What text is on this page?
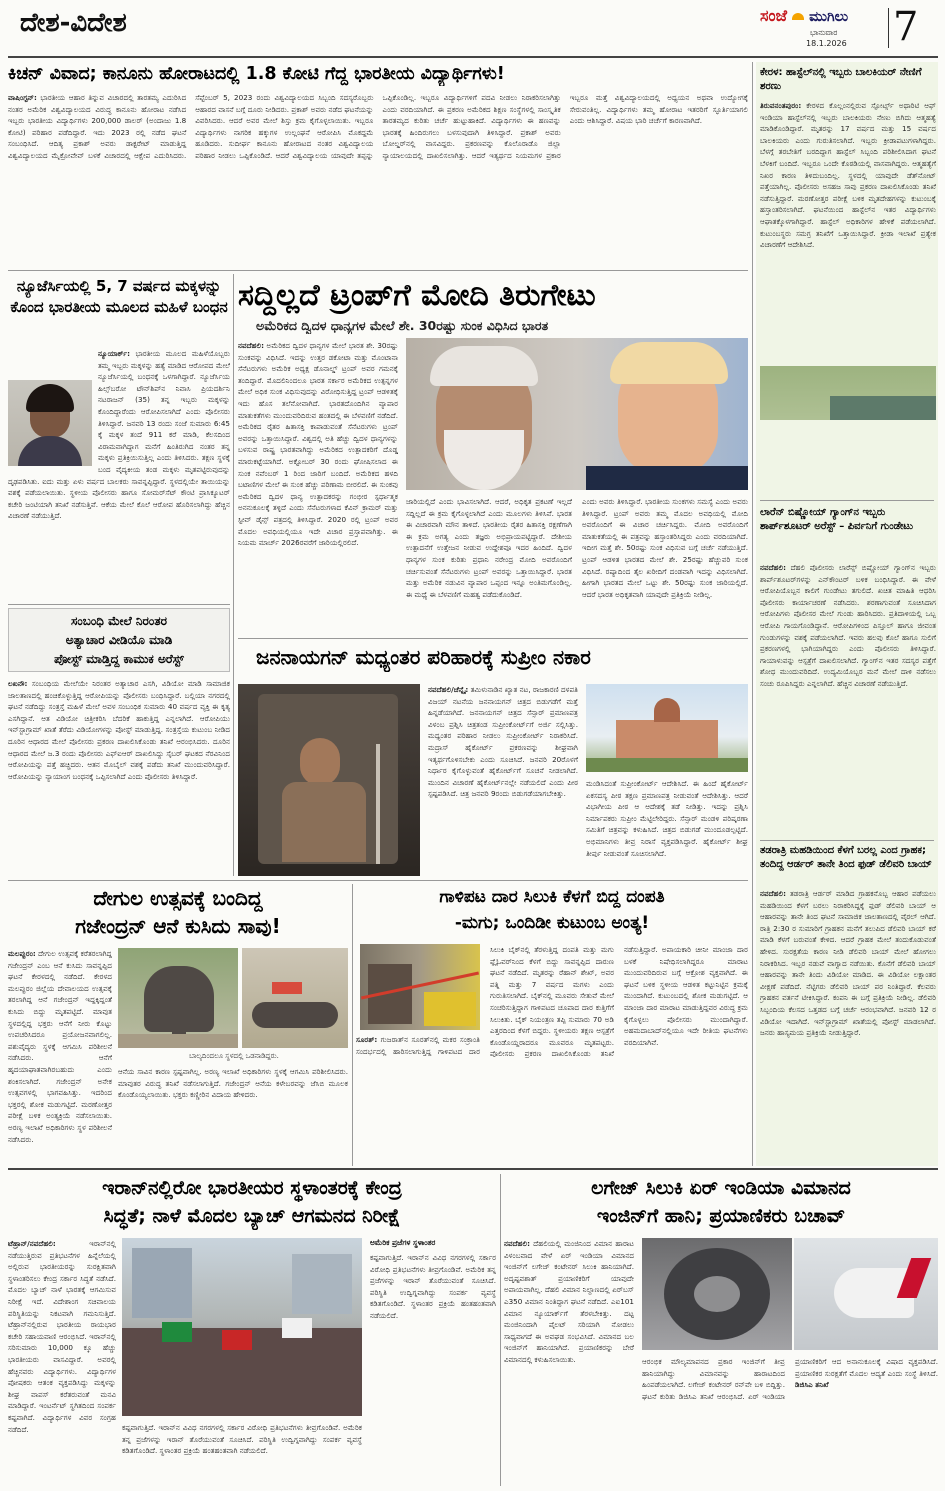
ದೇಶ-ವಿದೇಶ	7
ಸಂಜೆ ಮುಗಿಲು
ಭಾನುವಾರ
18.1.2026
ಕಿಚನ್ ವಿವಾದ; ಕಾನೂನು ಹೋರಾಟದಲ್ಲಿ 1.8 ಕೋಟಿ ಗೆದ್ದ ಭಾರತೀಯ ವಿದ್ಯಾರ್ಥಿಗಳು!
ವಾಷಿಂಗ್ಟನ್: ಭಾರತೀಯ ಆಹಾರ ತಿನ್ನುವ ವಿಚಾರದಲ್ಲಿ ತಾರತಮ್ಯ ಎದುರಿಸಿದ ನಂತರ ಅಮೆರಿಕ ವಿಶ್ವವಿದ್ಯಾಲಯದ ವಿರುದ್ಧ ಕಾನೂನು ಹೋರಾಟ ನಡೆಸಿದ ಇಬ್ಬರು ಭಾರತೀಯ ವಿದ್ಯಾರ್ಥಿಗಳು 200,000 ಡಾಲರ್ (ಅಂದಾಜು 1.8 ಕೋಟಿ) ಪರಿಹಾರ ಪಡೆದಿದ್ದಾರೆ. ಇದು 2023 ರಲ್ಲಿ ನಡೆದ ಘಟನೆ ಸಂಬಂಧಿಸಿದೆ. ಆದಿತ್ಯ ಪ್ರಕಾಶ್ ಅವರು ಡಾಕ್ಟರೇಟ್ ಮಾಡುತ್ತಿದ್ದ ವಿಶ್ವವಿದ್ಯಾಲಯದ ಮೈಕ್ರೋವೇವ್ ಬಳಕೆ ವಿಚಾರದಲ್ಲಿ ಆಕ್ಷೇಪ ಎದುರಿಸಿದರು. ಸೆಪ್ಟೆಂಬರ್ 5, 2023 ರಂದು ವಿಶ್ವವಿದ್ಯಾಲಯದ ಸಿಬ್ಬಂದಿ ಸದಸ್ಯರೊಬ್ಬರು ಆಹಾರದ ವಾಸನೆ ಬಗ್ಗೆ ದೂರು ನೀಡಿದರು. ಪ್ರಕಾಶ್ ಅವರು ನಡೆದ ಘಟನೆಯನ್ನು ವಿವರಿಸಿದರು. ಆದರೆ ಅವರ ಮೇಲೆ ಶಿಸ್ತು ಕ್ರಮ ಕೈಗೊಳ್ಳಲಾಯಿತು. ಇಬ್ಬರೂ ವಿದ್ಯಾರ್ಥಿಗಳು ನಾಗರಿಕ ಹಕ್ಕುಗಳ ಉಲ್ಲಂಘನೆ ಆರೋಪಿಸಿ ಮೊಕದ್ದಮೆ ಹೂಡಿದರು. ಸುದೀರ್ಘ ಕಾನೂನು ಹೋರಾಟದ ನಂತರ ವಿಶ್ವವಿದ್ಯಾಲಯ ಪರಿಹಾರ ನೀಡಲು ಒಪ್ಪಿಕೊಂಡಿದೆ. ಆದರೆ ವಿಶ್ವವಿದ್ಯಾಲಯ ಯಾವುದೇ ತಪ್ಪನ್ನು ಒಪ್ಪಿಕೊಂಡಿಲ್ಲ. ಇಬ್ಬರೂ ವಿದ್ಯಾರ್ಥಿಗಳಿಗೆ ಪದವಿ ನೀಡಲು ನಿರಾಕರಿಸಲಾಗಿತ್ತು ಎಂದು ವರದಿಯಾಗಿದೆ. ಈ ಪ್ರಕರಣ ಅಮೆರಿಕದ ಶಿಕ್ಷಣ ಸಂಸ್ಥೆಗಳಲ್ಲಿ ಸಾಂಸ್ಕೃತಿಕ ತಾರತಮ್ಯದ ಕುರಿತು ಚರ್ಚೆ ಹುಟ್ಟುಹಾಕಿದೆ. ವಿದ್ಯಾರ್ಥಿಗಳು ಈ ಹಣವನ್ನು ಭಾರತಕ್ಕೆ ಹಿಂದಿರುಗಲು ಬಳಸುವುದಾಗಿ ತಿಳಿಸಿದ್ದಾರೆ. ಪ್ರಕಾಶ್ ಅವರು ಬೋಲ್ಡರ್‌ನಲ್ಲಿ ವಾಸವಿದ್ದರು. ಪ್ರಕರಣವನ್ನು ಕೊಲೊರಾಡೊ ಜಿಲ್ಲಾ ನ್ಯಾಯಾಲಯದಲ್ಲಿ ದಾಖಲಿಸಲಾಗಿತ್ತು. ಆದರೆ ಇತ್ಯರ್ಥದ ನಿಯಮಗಳ ಪ್ರಕಾರ ಇಬ್ಬರೂ ಮತ್ತೆ ವಿಶ್ವವಿದ್ಯಾಲಯದಲ್ಲಿ ಅಧ್ಯಯನ ಅಥವಾ ಉದ್ಯೋಗಕ್ಕೆ ಸೇರುವಂತಿಲ್ಲ. ವಿದ್ಯಾರ್ಥಿಗಳು ತಮ್ಮ ಹೋರಾಟ ಇತರರಿಗೆ ಸ್ಫೂರ್ತಿಯಾಗಲಿ ಎಂದು ಆಶಿಸಿದ್ದಾರೆ. ವಿಷಯ ಭಾರಿ ಚರ್ಚೆಗೆ ಕಾರಣವಾಗಿದೆ.
ನ್ಯೂಜೆರ್ಸಿಯಲ್ಲಿ 5, 7 ವರ್ಷದ ಮಕ್ಕಳನ್ನು ಕೊಂದ ಭಾರತೀಯ ಮೂಲದ ಮಹಿಳೆ ಬಂಧನ
ನ್ಯೂಯಾರ್ಕ್: ಭಾರತೀಯ ಮೂಲದ ಮಹಿಳೆಯೊಬ್ಬರು ತಮ್ಮ ಇಬ್ಬರು ಮಕ್ಕಳನ್ನು ಹತ್ಯೆ ಮಾಡಿದ ಆರೋಪದ ಮೇಲೆ ನ್ಯೂಜೆರ್ಸಿಯಲ್ಲಿ ಬಂಧನಕ್ಕೆ ಒಳಗಾಗಿದ್ದಾರೆ. ನ್ಯೂಜೆರ್ಸಿಯ ಹಿಲ್ಸ್‌ಬರೋ ಟೌನ್‌ಶಿಪ್‌ನ ನಿವಾಸಿ ಪ್ರಿಯದರ್ಶಿನಿ ನಟರಾಜನ್ (35) ತನ್ನ ಇಬ್ಬರು ಮಕ್ಕಳನ್ನು ಕೊಂದಿದ್ದಾರೆಂದು ಆರೋಪಿಸಲಾಗಿದೆ ಎಂದು ಪೊಲೀಸರು ತಿಳಿಸಿದ್ದಾರೆ. ಜನವರಿ 13 ರಂದು ಸಂಜೆ ಸುಮಾರು 6:45 ಕ್ಕೆ ಮಕ್ಕಳ ತಂದೆ 911 ಕರೆ ಮಾಡಿ, ಕೆಲಸದಿಂದ ವಿರಾಮವಾಗಿದ್ದಾಗ ಮನೆಗೆ ಹಿಂತಿರುಗಿದ ನಂತರ ತನ್ನ ಮಕ್ಕಳು ಪ್ರತಿಕ್ರಿಯಿಸುತ್ತಿಲ್ಲ ಎಂದು ತಿಳಿಸಿದರು. ತಕ್ಷಣ ಸ್ಥಳಕ್ಕೆ ಬಂದ ವೈದ್ಯಕೀಯ ತಂಡ ಮಕ್ಕಳು ಮೃತಪಟ್ಟಿರುವುದನ್ನು ದೃಢಪಡಿಸಿತು. ಐದು ಮತ್ತು ಏಳು ವರ್ಷದ ಬಾಲಕರು ಸಾವನ್ನಪ್ಪಿದ್ದಾರೆ. ಸ್ಥಳದಲ್ಲಿಯೇ ತಾಯಿಯನ್ನು ವಶಕ್ಕೆ ಪಡೆಯಲಾಯಿತು. ಸ್ಥಳೀಯ ಪೊಲೀಸರು ಹಾಗೂ ಸೋಮರ್‌ಸೆಟ್ ಕೌಂಟಿ ಪ್ರಾಸಿಕ್ಯೂಟರ್ ಕಚೇರಿ ಜಂಟಿಯಾಗಿ ತನಿಖೆ ನಡೆಸುತ್ತಿವೆ. ಆಕೆಯ ಮೇಲೆ ಕೊಲೆ ಆರೋಪ ಹೊರಿಸಲಾಗಿದ್ದು ಹೆಚ್ಚಿನ ವಿಚಾರಣೆ ನಡೆಯುತ್ತಿದೆ.
ಸಂಬಂಧಿ ಮೇಲೆ ನಿರಂತರ
ಅತ್ಯಾಚಾರ ವೀಡಿಯೊ ಮಾಡಿ
ಪೋಸ್ಟ್ ಮಾಡ್ತಿದ್ದ ಕಾಮುಕ ಅರೆಸ್ಟ್
ಲಖನೌ: ಸಂಬಂಧಿಯ ಮೇಲೆಯೇ ನಿರಂತರ ಅತ್ಯಾಚಾರ ಎಸಗಿ, ವಿಡಿಯೋ ಮಾಡಿ ಸಾಮಾಜಿಕ ಜಾಲತಾಣದಲ್ಲಿ ಹಂಚಿಕೊಳ್ಳುತ್ತಿದ್ದ ಆರೋಪಿಯನ್ನು ಪೊಲೀಸರು ಬಂಧಿಸಿದ್ದಾರೆ. ಬಲ್ಲಿಯಾ ನಗರದಲ್ಲಿ ಘಟನೆ ನಡೆದಿದ್ದು ಸಂತ್ರಸ್ತೆ ಮಹಿಳೆ ಮೇಲೆ ಅವಳ ಸಂಬಂಧಿಕ ಸುಮಾರು 40 ವರ್ಷದ ವ್ಯಕ್ತಿ ಈ ಕೃತ್ಯ ಎಸಗಿದ್ದಾನೆ. ಆತ ವಿಡಿಯೋ ಚಿತ್ರೀಕರಿಸಿ ಬೆದರಿಕೆ ಹಾಕುತ್ತಿದ್ದ ಎನ್ನಲಾಗಿದೆ. ಆರೋಪಿಯು ಇನ್‌ಸ್ಟಾಗ್ರಾಮ್ ಖಾತೆ ತೆರೆದು ವಿಡಿಯೋಗಳನ್ನು ಪೋಸ್ಟ್ ಮಾಡುತ್ತಿದ್ದ. ಸಂತ್ರಸ್ತೆಯ ಕುಟುಂಬ ನೀಡಿದ ದೂರಿನ ಆಧಾರದ ಮೇಲೆ ಪೊಲೀಸರು ಪ್ರಕರಣ ದಾಖಲಿಸಿಕೊಂಡು ತನಿಖೆ ಆರಂಭಿಸಿದರು. ದೂರಿನ ಆಧಾರದ ಮೇಲೆ ಜ.3 ರಂದು ಪೊಲೀಸರು ಎಫ್‌ಐಆರ್ ದಾಖಲಿಸಿದ್ದು ಸೈಬರ್ ಘಟಕದ ನೆರವಿನಿಂದ ಆರೋಪಿಯನ್ನು ಪತ್ತೆ ಹಚ್ಚಿದರು. ಆತನ ಮೊಬೈಲ್ ವಶಕ್ಕೆ ಪಡೆದು ತನಿಖೆ ಮುಂದುವರಿಸಿದ್ದಾರೆ. ಆರೋಪಿಯನ್ನು ನ್ಯಾಯಾಂಗ ಬಂಧನಕ್ಕೆ ಒಪ್ಪಿಸಲಾಗಿದೆ ಎಂದು ಪೊಲೀಸರು ತಿಳಿಸಿದ್ದಾರೆ.
ಸದ್ದಿಲ್ಲದೆ ಟ್ರಂಪ್‌ಗೆ ಮೋದಿ ತಿರುಗೇಟು
ಅಮೆರಿಕದ ದ್ವಿದಳ ಧಾನ್ಯಗಳ ಮೇಲೆ ಶೇ. 30ರಷ್ಟು ಸುಂಕ ವಿಧಿಸಿದ ಭಾರತ
ನವದೆಹಲಿ: ಅಮೆರಿಕದ ದ್ವಿದಳ ಧಾನ್ಯಗಳ ಮೇಲೆ ಭಾರತ ಶೇ. 30ರಷ್ಟು ಸುಂಕವನ್ನು ವಿಧಿಸಿದೆ. ಇದನ್ನು ಉತ್ತರ ಡಕೋಟಾ ಮತ್ತು ಮೊಂಟಾನಾ ಸೆನೆಟರುಗಳು ಅಮೆರಿಕ ಅಧ್ಯಕ್ಷ ಡೊನಾಲ್ಡ್ ಟ್ರಂಪ್ ಅವರ ಗಮನಕ್ಕೆ ತಂದಿದ್ದಾರೆ. ಮೊದಲಿನಿಂದಲೂ ಭಾರತ ಸರ್ಕಾರ ಅಮೆರಿಕದ ಉತ್ಪನ್ನಗಳ ಮೇಲೆ ಅಧಿಕ ಸುಂಕ ವಿಧಿಸುವುದನ್ನು ವಿರೋಧಿಸುತ್ತಿದ್ದ ಟ್ರಂಪ್ ಆಡಳಿತಕ್ಕೆ ಇದು ಹೊಸ ತಲೆನೋವಾಗಿದೆ. ಭಾರತದೊಂದಿಗಿನ ವ್ಯಾಪಾರ ಮಾತುಕತೆಗಳು ಮುಂದುವರಿದಿರುವ ಹಂತದಲ್ಲಿ ಈ ಬೆಳವಣಿಗೆ ನಡೆದಿದೆ. ಅಮೆರಿಕದ ರೈತರ ಹಿತಾಸಕ್ತಿ ಕಾಪಾಡುವಂತೆ ಸೆನೆಟರುಗಳು ಟ್ರಂಪ್ ಅವರನ್ನು ಒತ್ತಾಯಿಸಿದ್ದಾರೆ. ವಿಶ್ವದಲ್ಲಿ ಅತಿ ಹೆಚ್ಚು ದ್ವಿದಳ ಧಾನ್ಯಗಳನ್ನು ಬಳಸುವ ರಾಷ್ಟ್ರ ಭಾರತವಾಗಿದ್ದು ಅಮೆರಿಕದ ಉತ್ಪಾದಕರಿಗೆ ದೊಡ್ಡ ಮಾರುಕಟ್ಟೆಯಾಗಿದೆ. ಅಕ್ಟೋಬರ್ 30 ರಂದು ಘೋಷಿಸಲಾದ ಈ ಸುಂಕ ನವೆಂಬರ್ 1 ರಿಂದ ಜಾರಿಗೆ ಬಂದಿದೆ. ಅಮೆರಿಕದ ಹಳದಿ ಬಟಾಣಿಗಳ ಮೇಲೆ ಈ ಸುಂಕ ಹೆಚ್ಚು ಪರಿಣಾಮ ಬೀರಲಿದೆ. ಈ ಸುಂಕವು ಅಮೆರಿಕದ ದ್ವಿದಳ ಧಾನ್ಯ ಉತ್ಪಾದಕರನ್ನು ಗಂಭೀರ ಸ್ಪರ್ಧಾತ್ಮಕ ಅನನುಕೂಲಕ್ಕೆ ತಳ್ಳಿದೆ ಎಂದು ಸೆನೆಟರುಗಳಾದ ಕೆವಿನ್ ಕ್ರಾಮರ್ ಮತ್ತು ಸ್ಟೀವ್ ಡೈನ್ಸ್ ಪತ್ರದಲ್ಲಿ ತಿಳಿಸಿದ್ದಾರೆ. 2020 ರಲ್ಲಿ ಟ್ರಂಪ್ ಅವರ ಮೊದಲ ಅವಧಿಯಲ್ಲಿಯೂ ಇದೇ ವಿಚಾರ ಪ್ರಸ್ತಾಪವಾಗಿತ್ತು. ಈ ನಿಯಮ ಮಾರ್ಚ್ 2026ರವರೆಗೆ ಜಾರಿಯಲ್ಲಿರಲಿದೆ.
ಜಾರಿಯಲ್ಲಿದೆ ಎಂದು ಭಾವಿಸಲಾಗಿದೆ. ಆದರೆ, ಅಧಿಕೃತ ಪ್ರಕಟಣೆ ಇಲ್ಲದೆ ಸದ್ದಿಲ್ಲದೆ ಈ ಕ್ರಮ ಕೈಗೊಳ್ಳಲಾಗಿದೆ ಎಂದು ಮೂಲಗಳು ತಿಳಿಸಿವೆ. ಭಾರತ ಈ ವಿಚಾರವಾಗಿ ಮೌನ ತಾಳಿದೆ. ಭಾರತೀಯ ರೈತರ ಹಿತಾಸಕ್ತಿ ರಕ್ಷಣೆಗಾಗಿ ಈ ಕ್ರಮ ಅಗತ್ಯ ಎಂದು ತಜ್ಞರು ಅಭಿಪ್ರಾಯಪಟ್ಟಿದ್ದಾರೆ. ದೇಶೀಯ ಉತ್ಪಾದನೆಗೆ ಉತ್ತೇಜನ ನೀಡುವ ಉದ್ದೇಶವೂ ಇದರ ಹಿಂದಿದೆ. ದ್ವಿದಳ ಧಾನ್ಯಗಳ ಸುಂಕ ಕುರಿತು ಪ್ರಧಾನಿ ನರೇಂದ್ರ ಮೋದಿ ಅವರೊಂದಿಗೆ ಚರ್ಚಿಸುವಂತೆ ಸೆನೆಟರುಗಳು ಟ್ರಂಪ್ ಅವರನ್ನು ಒತ್ತಾಯಿಸಿದ್ದಾರೆ. ಭಾರತ ಮತ್ತು ಅಮೆರಿಕ ನಡುವಿನ ವ್ಯಾಪಾರ ಒಪ್ಪಂದ ಇನ್ನೂ ಅಂತಿಮಗೊಂಡಿಲ್ಲ. ಈ ಮಧ್ಯೆ ಈ ಬೆಳವಣಿಗೆ ಮಹತ್ವ ಪಡೆದುಕೊಂಡಿದೆ.
ಎಂದು ಅವರು ತಿಳಿಸಿದ್ದಾರೆ. ಭಾರತೀಯ ಸುಂಕಗಳು ಸಮಸ್ಯೆ ಎಂದು ಅವರು ತಿಳಿಸಿದ್ದಾರೆ. ಟ್ರಂಪ್ ಅವರು ತಮ್ಮ ಮೊದಲ ಅವಧಿಯಲ್ಲಿ ಮೋದಿ ಅವರೊಂದಿಗೆ ಈ ವಿಚಾರ ಚರ್ಚಿಸಿದ್ದರು. ಮೋದಿ ಅವರೊಂದಿಗೆ ಮಾತುಕತೆಯಲ್ಲಿ ಈ ಪತ್ರವನ್ನು ಹಸ್ತಾಂತರಿಸಿದ್ದರು ಎಂದು ವರದಿಯಾಗಿದೆ. ಇದೀಗ ಮತ್ತೆ ಶೇ. 50ರಷ್ಟು ಸುಂಕ ವಿಧಿಸುವ ಬಗ್ಗೆ ಚರ್ಚೆ ನಡೆಯುತ್ತಿದೆ. ಟ್ರಂಪ್ ಆಡಳಿತ ಭಾರತದ ಮೇಲೆ ಶೇ. 25ರಷ್ಟು ಹೆಚ್ಚುವರಿ ಸುಂಕ ವಿಧಿಸಿದೆ. ರಷ್ಯಾದಿಂದ ತೈಲ ಖರೀದಿಗೆ ದಂಡವಾಗಿ ಇದನ್ನು ವಿಧಿಸಲಾಗಿದೆ. ಹೀಗಾಗಿ ಭಾರತದ ಮೇಲೆ ಒಟ್ಟು ಶೇ. 50ರಷ್ಟು ಸುಂಕ ಜಾರಿಯಲ್ಲಿದೆ. ಆದರೆ ಭಾರತ ಅಧಿಕೃತವಾಗಿ ಯಾವುದೇ ಪ್ರತಿಕ್ರಿಯೆ ನೀಡಿಲ್ಲ.
ಜನನಾಯಗನ್ ಮಧ್ಯಂತರ ಪರಿಹಾರಕ್ಕೆ ಸುಪ್ರೀಂ ನಕಾರ
ನವದೆಹಲಿ/ಚೆನ್ನೈ: ತಮಿಳುನಾಡಿನ ಖ್ಯಾತ ನಟ, ರಾಜಕಾರಣಿ ದಳಪತಿ ವಿಜಯ್ ನಟನೆಯ ಜನನಾಯಗನ್ ಚಿತ್ರದ ಬಿಡುಗಡೆಗೆ ಮತ್ತೆ ಹಿನ್ನಡೆಯಾಗಿದೆ. ಜನನಾಯಗನ್ ಚಿತ್ರದ ಸೆನ್ಸಾರ್ ಪ್ರಮಾಣಪತ್ರ ವಿಳಂಬ ಪ್ರಶ್ನಿಸಿ ಚಿತ್ರತಂಡ ಸುಪ್ರೀಂಕೋರ್ಟ್‌ಗೆ ಅರ್ಜಿ ಸಲ್ಲಿಸಿತ್ತು. ಮಧ್ಯಂತರ ಪರಿಹಾರ ನೀಡಲು ಸುಪ್ರೀಂಕೋರ್ಟ್ ನಿರಾಕರಿಸಿದೆ. ಮದ್ರಾಸ್ ಹೈಕೋರ್ಟ್ ಪ್ರಕರಣವನ್ನು ಶೀಘ್ರವಾಗಿ ಇತ್ಯರ್ಥಗೊಳಿಸಬೇಕು ಎಂದು ಸೂಚಿಸಿದೆ. ಜನವರಿ 20ರೊಳಗೆ ನಿರ್ಧಾರ ಕೈಗೊಳ್ಳುವಂತೆ ಹೈಕೋರ್ಟ್‌ಗೆ ಸೂಚನೆ ನೀಡಲಾಗಿದೆ. ಮುಂದಿನ ವಿಚಾರಣೆ ಹೈಕೋರ್ಟ್‌ನಲ್ಲೇ ನಡೆಯಲಿದೆ ಎಂದು ಪೀಠ ಸ್ಪಷ್ಟಪಡಿಸಿದೆ. ಚಿತ್ರ ಜನವರಿ 9ರಂದು ಬಿಡುಗಡೆಯಾಗಬೇಕಿತ್ತು.
ಮಂಡಿಸಿದಂತೆ ಸುಪ್ರೀಂಕೋರ್ಟ್ ಆದೇಶಿಸಿದೆ. ಈ ಹಿಂದೆ ಹೈಕೋರ್ಟ್ ಏಕಸದಸ್ಯ ಪೀಠ ತಕ್ಷಣ ಪ್ರಮಾಣಪತ್ರ ನೀಡುವಂತೆ ಆದೇಶಿಸಿತ್ತು. ಆದರೆ ವಿಭಾಗೀಯ ಪೀಠ ಆ ಆದೇಶಕ್ಕೆ ತಡೆ ನೀಡಿತ್ತು. ಇದನ್ನು ಪ್ರಶ್ನಿಸಿ ನಿರ್ಮಾಪಕರು ಸುಪ್ರೀಂ ಮೆಟ್ಟಿಲೇರಿದ್ದರು. ಸೆನ್ಸಾರ್ ಮಂಡಳಿ ಪರಿಷ್ಕರಣಾ ಸಮಿತಿಗೆ ಚಿತ್ರವನ್ನು ಕಳುಹಿಸಿದೆ. ಚಿತ್ರದ ಬಿಡುಗಡೆ ಮುಂದೂಡಲ್ಪಟ್ಟಿದೆ. ಅಭಿಮಾನಿಗಳು ತೀವ್ರ ನಿರಾಸೆ ವ್ಯಕ್ತಪಡಿಸಿದ್ದಾರೆ. ಹೈಕೋರ್ಟ್ ಶೀಘ್ರ ತೀರ್ಪು ನೀಡುವಂತೆ ಸೂಚಿಸಲಾಗಿದೆ.
ಕೇರಳ: ಹಾಸ್ಟೆಲ್‌ನಲ್ಲಿ ಇಬ್ಬರು ಬಾಲಕಿಯರ್ ನೇಣಿಗೆ ಶರಣು
ತಿರುವನಂತಪುರಂ: ಕೇರಳದ ಕೊಲ್ಲಂನಲ್ಲಿರುವ ಸ್ಪೋರ್ಟ್ಸ್ ಅಥಾರಿಟಿ ಆಫ್ ಇಂಡಿಯಾ ಹಾಸ್ಟೆಲ್‌ನಲ್ಲಿ ಇಬ್ಬರು ಬಾಲಕಿಯರು ನೇಣು ಬಿಗಿದು ಆತ್ಮಹತ್ಯೆ ಮಾಡಿಕೊಂಡಿದ್ದಾರೆ. ಮೃತರನ್ನು 17 ವರ್ಷದ ಮತ್ತು 15 ವರ್ಷದ ಬಾಲಕಿಯರು ಎಂದು ಗುರುತಿಸಲಾಗಿದೆ. ಇಬ್ಬರು ಕ್ರೀಡಾಪಟುಗಳಾಗಿದ್ದರು. ಬೆಳಗ್ಗೆ ತರಬೇತಿಗೆ ಬರದಿದ್ದಾಗ ಹಾಸ್ಟೆಲ್ ಸಿಬ್ಬಂದಿ ಪರಿಶೀಲಿಸಿದಾಗ ಘಟನೆ ಬೆಳಕಿಗೆ ಬಂದಿದೆ. ಇಬ್ಬರೂ ಒಂದೇ ಕೊಠಡಿಯಲ್ಲಿ ವಾಸವಾಗಿದ್ದರು. ಆತ್ಮಹತ್ಯೆಗೆ ನಿಖರ ಕಾರಣ ತಿಳಿದುಬಂದಿಲ್ಲ. ಸ್ಥಳದಲ್ಲಿ ಯಾವುದೇ ಡೆತ್‌ನೋಟ್ ಪತ್ತೆಯಾಗಿಲ್ಲ. ಪೊಲೀಸರು ಅಸಹಜ ಸಾವು ಪ್ರಕರಣ ದಾಖಲಿಸಿಕೊಂಡು ತನಿಖೆ ನಡೆಸುತ್ತಿದ್ದಾರೆ. ಮರಣೋತ್ತರ ಪರೀಕ್ಷೆ ಬಳಿಕ ಮೃತದೇಹಗಳನ್ನು ಕುಟುಂಬಕ್ಕೆ ಹಸ್ತಾಂತರಿಸಲಾಗಿದೆ. ಘಟನೆಯಿಂದ ಹಾಸ್ಟೆಲ್‌ನ ಇತರ ವಿದ್ಯಾರ್ಥಿಗಳು ಆಘಾತಕ್ಕೊಳಗಾಗಿದ್ದಾರೆ. ಹಾಸ್ಟೆಲ್ ಅಧಿಕಾರಿಗಳ ಹೇಳಿಕೆ ಪಡೆಯಲಾಗಿದೆ. ಕುಟುಂಬಸ್ಥರು ಸಮಗ್ರ ತನಿಖೆಗೆ ಒತ್ತಾಯಿಸಿದ್ದಾರೆ. ಕ್ರೀಡಾ ಇಲಾಖೆ ಪ್ರತ್ಯೇಕ ವಿಚಾರಣೆಗೆ ಆದೇಶಿಸಿದೆ.
ಲಾರೆನ್ ಬಿಷ್ಣೋಯ್ ಗ್ಯಾಂಗ್‌ನ ಇಬ್ಬರು ಶಾರ್ಪ್‌ಶೂಟರ್ ಅರೆಸ್ಟ್ – ಪಿರ್ವನಿಗೆ ಗುಂಡೇಟು
ನವದೆಹಲಿ: ದೆಹಲಿ ಪೊಲೀಸರು ಲಾರೆನ್ಸ್ ಬಿಷ್ಣೋಯ್ ಗ್ಯಾಂಗ್‌ನ ಇಬ್ಬರು ಶಾರ್ಪ್‌ಶೂಟರ್‌ಗಳನ್ನು ಎನ್‌ಕೌಂಟರ್ ಬಳಿಕ ಬಂಧಿಸಿದ್ದಾರೆ. ಈ ವೇಳೆ ಆರೋಪಿಯೊಬ್ಬನ ಕಾಲಿಗೆ ಗುಂಡೇಟು ತಗುಲಿದೆ. ಖಚಿತ ಮಾಹಿತಿ ಆಧರಿಸಿ ಪೊಲೀಸರು ಕಾರ್ಯಾಚರಣೆ ನಡೆಸಿದರು. ಶರಣಾಗುವಂತೆ ಸೂಚಿಸಿದಾಗ ಆರೋಪಿಗಳು ಪೊಲೀಸರ ಮೇಲೆ ಗುಂಡು ಹಾರಿಸಿದರು. ಪ್ರತಿದಾಳಿಯಲ್ಲಿ ಒಬ್ಬ ಆರೋಪಿ ಗಾಯಗೊಂಡಿದ್ದಾನೆ. ಆರೋಪಿಗಳಿಂದ ಪಿಸ್ತೂಲ್ ಹಾಗೂ ಜೀವಂತ ಗುಂಡುಗಳನ್ನು ವಶಕ್ಕೆ ಪಡೆಯಲಾಗಿದೆ. ಇವರು ಹಲವು ಕೊಲೆ ಹಾಗೂ ಸುಲಿಗೆ ಪ್ರಕರಣಗಳಲ್ಲಿ ಭಾಗಿಯಾಗಿದ್ದರು ಎಂದು ಪೊಲೀಸರು ತಿಳಿಸಿದ್ದಾರೆ. ಗಾಯಾಳುವನ್ನು ಆಸ್ಪತ್ರೆಗೆ ದಾಖಲಿಸಲಾಗಿದೆ. ಗ್ಯಾಂಗ್‌ನ ಇತರ ಸದಸ್ಯರ ಪತ್ತೆಗೆ ಶೋಧ ಮುಂದುವರಿದಿದೆ. ಉದ್ಯಮಿಯೊಬ್ಬರ ಮನೆ ಮೇಲೆ ದಾಳಿ ನಡೆಸಲು ಸಂಚು ರೂಪಿಸಿದ್ದರು ಎನ್ನಲಾಗಿದೆ. ಹೆಚ್ಚಿನ ವಿಚಾರಣೆ ನಡೆಯುತ್ತಿದೆ.
ತಡರಾತ್ರಿ ಮಹಡಿಯಿಂದ ಕೆಳಗೆ ಬರಲ್ಲ ಎಂದ ಗ್ರಾಹಕ; ತಂದಿದ್ದ ಆರ್ಡರ್ ತಾನೇ ತಿಂದ ಫುಡ್ ಡೆಲಿವರಿ ಬಾಯ್
ನವದೆಹಲಿ: ತಡರಾತ್ರಿ ಆರ್ಡರ್ ಮಾಡಿದ ಗ್ರಾಹಕನೊಬ್ಬ ಆಹಾರ ಪಡೆಯಲು ಮಹಡಿಯಿಂದ ಕೆಳಗೆ ಬರಲು ನಿರಾಕರಿಸಿದ್ದಕ್ಕೆ ಫುಡ್ ಡೆಲಿವರಿ ಬಾಯ್ ಆ ಆಹಾರವನ್ನು ತಾನೇ ತಿಂದ ಘಟನೆ ಸಾಮಾಜಿಕ ಜಾಲತಾಣದಲ್ಲಿ ವೈರಲ್ ಆಗಿದೆ. ರಾತ್ರಿ 2:30 ರ ಸುಮಾರಿಗೆ ಗ್ರಾಹಕನ ಮನೆಗೆ ತಲುಪಿದ ಡೆಲಿವರಿ ಬಾಯ್ ಕರೆ ಮಾಡಿ ಕೆಳಗೆ ಬರುವಂತೆ ಕೇಳಿದ. ಆದರೆ ಗ್ರಾಹಕ ಮೇಲೆ ತಂದುಕೊಡುವಂತೆ ಹೇಳಿದ. ಸುರಕ್ಷತೆಯ ಕಾರಣ ನೀಡಿ ಡೆಲಿವರಿ ಬಾಯ್ ಮೇಲೆ ಹೋಗಲು ನಿರಾಕರಿಸಿದ. ಇಬ್ಬರ ನಡುವೆ ವಾಗ್ವಾದ ನಡೆಯಿತು. ಕೊನೆಗೆ ಡೆಲಿವರಿ ಬಾಯ್ ಆಹಾರವನ್ನು ತಾನೇ ತಿಂದು ವಿಡಿಯೋ ಮಾಡಿದ. ಈ ವಿಡಿಯೋ ಲಕ್ಷಾಂತರ ವೀಕ್ಷಣೆ ಪಡೆದಿದೆ. ನೆಟ್ಟಿಗರು ಡೆಲಿವರಿ ಬಾಯ್ ಪರ ನಿಂತಿದ್ದಾರೆ. ಕೆಲವರು ಗ್ರಾಹಕನ ವರ್ತನೆ ಟೀಕಿಸಿದ್ದಾರೆ. ಕಂಪನಿ ಈ ಬಗ್ಗೆ ಪ್ರತಿಕ್ರಿಯೆ ನೀಡಿಲ್ಲ. ಡೆಲಿವರಿ ಸಿಬ್ಬಂದಿಯ ಕೆಲಸದ ಒತ್ತಡದ ಬಗ್ಗೆ ಚರ್ಚೆ ಆರಂಭವಾಗಿದೆ. ಜನವರಿ 12 ರ ವಿಡಿಯೋ ಇದಾಗಿದೆ. ಇನ್‌ಸ್ಟಾಗ್ರಾಮ್ ಖಾತೆಯಲ್ಲಿ ಪೋಸ್ಟ್ ಮಾಡಲಾಗಿದೆ. ಜನರು ಹಾಸ್ಯಮಯ ಪ್ರತಿಕ್ರಿಯೆ ನೀಡುತ್ತಿದ್ದಾರೆ.
ದೇಗುಲ ಉತ್ಸವಕ್ಕೆ ಬಂದಿದ್ದ
ಗಜೇಂದ್ರನ್ ಆನೆ ಕುಸಿದು ಸಾವು!
ಮಲಪ್ಪುರಂ: ದೇಗುಲ ಉತ್ಸವಕ್ಕೆ ಕರೆತರಲಾಗಿದ್ದ ಗಜೇಂದ್ರನ್ ಎಂಬ ಆನೆ ಕುಸಿದು ಸಾವನ್ನಪ್ಪಿದ ಘಟನೆ ಕೇರಳದಲ್ಲಿ ನಡೆದಿದೆ. ಕೇರಳದ ಮಲಪ್ಪುರಂ ಜಿಲ್ಲೆಯ ದೇವಾಲಯದ ಉತ್ಸವಕ್ಕೆ ತರಲಾಗಿದ್ದ ಆನೆ ಗಜೇಂದ್ರನ್ ಇದ್ದಕ್ಕಿದ್ದಂತೆ ಕುಸಿದು ಬಿದ್ದು ಮೃತಪಟ್ಟಿದೆ. ಮಾವುತ ಸ್ಥಳದಲ್ಲಿದ್ದ ಭಕ್ತರು ಆನೆಗೆ ನೀರು ಕೊಟ್ಟು ಉಪಚರಿಸಿದರೂ ಪ್ರಯೋಜನವಾಗಲಿಲ್ಲ. ಪಶುವೈದ್ಯರು ಸ್ಥಳಕ್ಕೆ ಆಗಮಿಸಿ ಪರಿಶೀಲನೆ ನಡೆಸಿದರು. ಆನೆಗೆ ಹೃದಯಾಘಾತವಾಗಿರಬಹುದು ಎಂದು ಶಂಕಿಸಲಾಗಿದೆ. ಗಜೇಂದ್ರನ್ ಅನೇಕ ಉತ್ಸವಗಳಲ್ಲಿ ಭಾಗವಹಿಸಿತ್ತು. ಇದರಿಂದ ಭಕ್ತರಲ್ಲಿ ಶೋಕ ಮಡುಗಟ್ಟಿದೆ. ಮರಣೋತ್ತರ ಪರೀಕ್ಷೆ ಬಳಿಕ ಅಂತ್ಯಕ್ರಿಯೆ ನಡೆಸಲಾಯಿತು. ಅರಣ್ಯ ಇಲಾಖೆ ಅಧಿಕಾರಿಗಳು ಸ್ಥಳ ಪರಿಶೀಲನೆ ನಡೆಸಿದರು.
ಬಾಲ್ಯದಿಂದಲೂ ಸ್ಥಳದಲ್ಲಿ ಒಡನಾಡಿದ್ದರು.
ಆನೆಯ ಸಾವಿನ ಕಾರಣ ಸ್ಪಷ್ಟವಾಗಿಲ್ಲ. ಅರಣ್ಯ ಇಲಾಖೆ ಅಧಿಕಾರಿಗಳು ಸ್ಥಳಕ್ಕೆ ಆಗಮಿಸಿ ಪರಿಶೀಲಿಸಿದರು. ಮಾವುತರ ವಿರುದ್ಧ ತನಿಖೆ ನಡೆಸಲಾಗುತ್ತಿದೆ. ಗಜೇಂದ್ರನ್ ಆನೆಯ ಕಳೇಬರವನ್ನು ಜೆಸಿಬಿ ಮೂಲಕ ಕೊಂಡೊಯ್ಯಲಾಯಿತು. ಭಕ್ತರು ಕಣ್ಣೀರಿನ ವಿದಾಯ ಹೇಳಿದರು.
ಗಾಳಿಪಟ ದಾರ ಸಿಲುಕಿ ಕೆಳಗೆ ಬಿದ್ದ ದಂಪತಿ
-ಮಗು; ಒಂದಿಡೀ ಕುಟುಂಬ ಅಂತ್ಯ!
ಸೂರತ್: ಗುಜರಾತ್‌ನ ಸೂರತ್‌ನಲ್ಲಿ ಮಕರ ಸಂಕ್ರಾಂತಿ ಸಂದರ್ಭದಲ್ಲಿ ಹಾರಿಸಲಾಗುತ್ತಿದ್ದ ಗಾಳಿಪಟದ ದಾರ ಸಿಲುಕಿ ಬೈಕ್‌ನಲ್ಲಿ ತೆರಳುತ್ತಿದ್ದ ದಂಪತಿ ಮತ್ತು ಮಗು ಫ್ಲೈಓವರ್‌ನಿಂದ ಕೆಳಗೆ ಬಿದ್ದು ಸಾವನ್ನಪ್ಪಿದ ದಾರುಣ ಘಟನೆ ನಡೆದಿದೆ. ಮೃತರನ್ನು ರೆಹಾನ್ ಶೇಖ್, ಅವರ ಪತ್ನಿ ಮತ್ತು 7 ವರ್ಷದ ಮಗಳು ಎಂದು ಗುರುತಿಸಲಾಗಿದೆ. ಬೈಕ್‌ನಲ್ಲಿ ಮೂವರು ಸೇತುವೆ ಮೇಲೆ ಸಂಚರಿಸುತ್ತಿದ್ದಾಗ ಗಾಳಿಪಟದ ಚೂಪಾದ ದಾರ ಕುತ್ತಿಗೆಗೆ ಸಿಲುಕಿತು. ಬೈಕ್ ನಿಯಂತ್ರಣ ತಪ್ಪಿ ಸುಮಾರು 70 ಅಡಿ ಎತ್ತರದಿಂದ ಕೆಳಗೆ ಬಿದ್ದರು. ಸ್ಥಳೀಯರು ತಕ್ಷಣ ಆಸ್ಪತ್ರೆಗೆ ಕೊಂಡೊಯ್ದರಾದರೂ ಮೂವರೂ ಮೃತಪಟ್ಟರು. ಪೊಲೀಸರು ಪ್ರಕರಣ ದಾಖಲಿಸಿಕೊಂಡು ತನಿಖೆ ನಡೆಸುತ್ತಿದ್ದಾರೆ. ಅಪಾಯಕಾರಿ ಚೀನೀ ಮಾಂಜಾ ದಾರ ಬಳಕೆ ನಿಷೇಧಿಸಲಾಗಿದ್ದರೂ ಮಾರಾಟ ಮುಂದುವರಿದಿರುವ ಬಗ್ಗೆ ಆಕ್ರೋಶ ವ್ಯಕ್ತವಾಗಿದೆ. ಈ ಘಟನೆ ಬಳಿಕ ಸ್ಥಳೀಯ ಆಡಳಿತ ಕಟ್ಟುನಿಟ್ಟಿನ ಕ್ರಮಕ್ಕೆ ಮುಂದಾಗಿದೆ. ಕುಟುಂಬದಲ್ಲಿ ಶೋಕ ಮಡುಗಟ್ಟಿದೆ. ಆ ಮಾಂಜಾ ದಾರ ಮಾರಾಟ ಮಾಡುತ್ತಿದ್ದವರ ವಿರುದ್ಧ ಕ್ರಮ ಕೈಗೊಳ್ಳಲು ಪೊಲೀಸರು ಮುಂದಾಗಿದ್ದಾರೆ. ಅಹಮದಾಬಾದ್‌ನಲ್ಲಿಯೂ ಇದೇ ರೀತಿಯ ಘಟನೆಗಳು ವರದಿಯಾಗಿವೆ.
ಇರಾನ್‌ನಲ್ಲಿರೋ ಭಾರತೀಯರ ಸ್ಥಳಾಂತರಕ್ಕೆ ಕೇಂದ್ರ
ಸಿದ್ಧತೆ; ನಾಳೆ ಮೊದಲ ಬ್ಯಾಚ್ ಆಗಮನದ ನಿರೀಕ್ಷೆ
ಟೆಹ್ರಾನ್/ನವದೆಹಲಿ:	ಇರಾನ್‌ನಲ್ಲಿ ನಡೆಯುತ್ತಿರುವ ಪ್ರತಿಭಟನೆಗಳ ಹಿನ್ನೆಲೆಯಲ್ಲಿ ಅಲ್ಲಿರುವ ಭಾರತೀಯರನ್ನು ಸುರಕ್ಷಿತವಾಗಿ ಸ್ಥಳಾಂತರಿಸಲು ಕೇಂದ್ರ ಸರ್ಕಾರ ಸಿದ್ಧತೆ ನಡೆಸಿದೆ. ಮೊದಲ ಬ್ಯಾಚ್ ನಾಳೆ ಭಾರತಕ್ಕೆ ಆಗಮಿಸುವ ನಿರೀಕ್ಷೆ ಇದೆ. ವಿದೇಶಾಂಗ ಸಚಿವಾಲಯ ಪರಿಸ್ಥಿತಿಯನ್ನು ನಿಕಟವಾಗಿ ಗಮನಿಸುತ್ತಿದೆ. ಟೆಹ್ರಾನ್‌ನಲ್ಲಿರುವ ಭಾರತೀಯ ರಾಯಭಾರ ಕಚೇರಿ ಸಹಾಯವಾಣಿ ಆರಂಭಿಸಿದೆ. ಇರಾನ್‌ನಲ್ಲಿ ಸರಿಸುಮಾರು 10,000 ಕ್ಕೂ ಹೆಚ್ಚು ಭಾರತೀಯರು ವಾಸವಿದ್ದಾರೆ. ಅವರಲ್ಲಿ ಹೆಚ್ಚಿನವರು ವಿದ್ಯಾರ್ಥಿಗಳು. ವಿದ್ಯಾರ್ಥಿಗಳ ಪೋಷಕರು ಆತಂಕ ವ್ಯಕ್ತಪಡಿಸಿದ್ದು ಮಕ್ಕಳನ್ನು ಶೀಘ್ರ ವಾಪಸ್ ಕರೆತರುವಂತೆ ಮನವಿ ಮಾಡಿದ್ದಾರೆ. ಇಂಟರ್ನೆಟ್ ಸ್ಥಗಿತದಿಂದ ಸಂಪರ್ಕ ಕಷ್ಟವಾಗಿದೆ. ವಿದ್ಯಾರ್ಥಿಗಳ ವಿವರ ಸಂಗ್ರಹ ನಡೆದಿದೆ.	ಕಷ್ಟವಾಗುತ್ತಿದೆ. ಇರಾನ್‌ನ ವಿವಿಧ ನಗರಗಳಲ್ಲಿ ಸರ್ಕಾರ ವಿರೋಧಿ ಪ್ರತಿಭಟನೆಗಳು ತೀವ್ರಗೊಂಡಿವೆ. ಅಮೆರಿಕ ತನ್ನ ಪ್ರಜೆಗಳನ್ನು ಇರಾನ್ ತೊರೆಯುವಂತೆ ಸೂಚಿಸಿದೆ. ಪರಿಸ್ಥಿತಿ ಉದ್ವಿಗ್ನವಾಗಿದ್ದು ಸಂಪರ್ಕ ವ್ಯವಸ್ಥೆ ಕಡಿತಗೊಂಡಿದೆ. ಸ್ಥಳಾಂತರ ಪ್ರಕ್ರಿಯೆ ಹಂತಹಂತವಾಗಿ ನಡೆಯಲಿದೆ.
ಅಮೆರಿಕ ಪ್ರಜೆಗಳ ಸ್ಥಳಾಂತರ
ಕಷ್ಟವಾಗುತ್ತಿದೆ. ಇರಾನ್‌ನ ವಿವಿಧ ನಗರಗಳಲ್ಲಿ ಸರ್ಕಾರ ವಿರೋಧಿ ಪ್ರತಿಭಟನೆಗಳು ತೀವ್ರಗೊಂಡಿವೆ. ಅಮೆರಿಕ ತನ್ನ ಪ್ರಜೆಗಳನ್ನು ಇರಾನ್ ತೊರೆಯುವಂತೆ ಸೂಚಿಸಿದೆ. ಪರಿಸ್ಥಿತಿ ಉದ್ವಿಗ್ನವಾಗಿದ್ದು ಸಂಪರ್ಕ ವ್ಯವಸ್ಥೆ ಕಡಿತಗೊಂಡಿದೆ. ಸ್ಥಳಾಂತರ ಪ್ರಕ್ರಿಯೆ ಹಂತಹಂತವಾಗಿ ನಡೆಯಲಿದೆ.
ಲಗೇಜ್ ಸಿಲುಕಿ ಏರ್ ಇಂಡಿಯಾ ವಿಮಾನದ
ಇಂಜಿನ್‌ಗೆ ಹಾನಿ; ಪ್ರಯಾಣಿಕರು ಬಚಾವ್
ನವದೆಹಲಿ: ದೆಹಲಿಯಲ್ಲಿ ಮಂಜಿನಿಂದ ವಿಮಾನ ಹಾರಾಟ ವಿಳಂಬವಾದ ವೇಳೆ ಏರ್ ಇಂಡಿಯಾ ವಿಮಾನದ ಇಂಜಿನ್‌ಗೆ ಲಗೇಜ್ ಕಂಟೇನರ್ ಸಿಲುಕಿ ಹಾನಿಯಾಗಿದೆ. ಅದೃಷ್ಟವಶಾತ್ ಪ್ರಯಾಣಿಕರಿಗೆ ಯಾವುದೇ ಅಪಾಯವಾಗಿಲ್ಲ. ದೆಹಲಿ ವಿಮಾನ ನಿಲ್ದಾಣದಲ್ಲಿ ಏರ್‌ಬಸ್ ಎ350 ವಿಮಾನ ನಿಂತಿದ್ದಾಗ ಘಟನೆ ನಡೆದಿದೆ. ಎಐ101 ವಿಮಾನ ನ್ಯೂಯಾರ್ಕ್‌ಗೆ ತೆರಳಬೇಕಿತ್ತು. ದಟ್ಟ ಮಂಜಿನಿಂದಾಗಿ ಪೈಲಟ್ ಸರಿಯಾಗಿ ನೋಡಲು ಸಾಧ್ಯವಾಗದೆ ಈ ಅವಘಡ ಸಂಭವಿಸಿದೆ. ವಿಮಾನದ ಬಲ ಇಂಜಿನ್‌ಗೆ ಹಾನಿಯಾಗಿದೆ. ಪ್ರಯಾಣಿಕರನ್ನು ಬೇರೆ ವಿಮಾನದಲ್ಲಿ ಕಳುಹಿಸಲಾಯಿತು.	ಆರಂಭಿಕ ಮೌಲ್ಯಮಾಪನದ ಪ್ರಕಾರ ಇಂಜಿನ್‌ಗೆ ತೀವ್ರ ಹಾನಿಯಾಗಿದ್ದು ವಿಮಾನವನ್ನು ಹಾರಾಟದಿಂದ ಹಿಂಪಡೆಯಲಾಗಿದೆ. ಲಗೇಜ್ ಕಂಟೇನರ್ ರನ್‌ವೇ ಬಳಿ ಬಿದ್ದಿತ್ತು. ಘಟನೆ ಕುರಿತು ಡಿಜಿಸಿಎ ತನಿಖೆ ಆರಂಭಿಸಿದೆ. ಏರ್ ಇಂಡಿಯಾ ಪ್ರಯಾಣಿಕರಿಗೆ ಆದ ಅನಾನುಕೂಲಕ್ಕೆ ವಿಷಾದ ವ್ಯಕ್ತಪಡಿಸಿದೆ. ಪ್ರಯಾಣಿಕರ ಸುರಕ್ಷತೆಗೆ ಮೊದಲ ಆದ್ಯತೆ ಎಂದು ಸಂಸ್ಥೆ ತಿಳಿಸಿದೆ. ಡಿಜಿಸಿಎ ತನಿಖೆ
